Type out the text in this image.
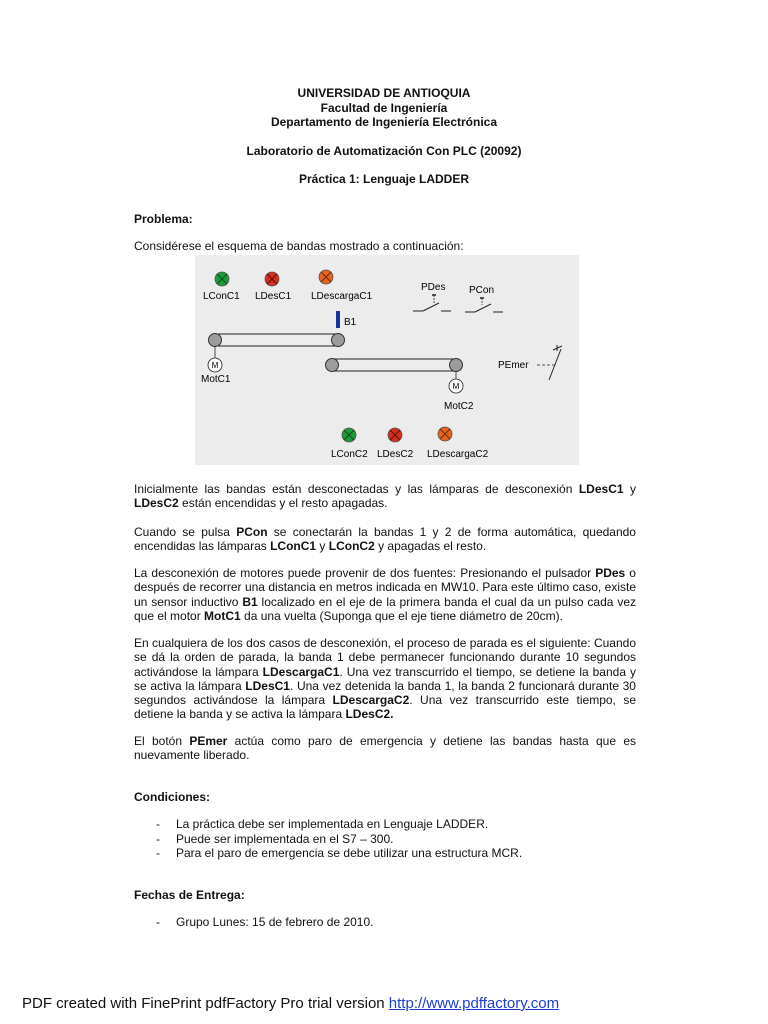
UNIVERSIDAD DE ANTIOQUIA
Facultad de Ingeniería
Departamento de Ingeniería Electrónica
Laboratorio de Automatización Con PLC (20092)
Práctica 1: Lenguaje LADDER
Problema:
Considérese el esquema de bandas mostrado a continuación:
LConC1 LDesC1 LDescargaC1
PDes PCon
B1
M
MotC1
M
MotC2
PEmer
LConC2 LDesC2 LDescargaC2

Inicialmente las bandas están desconectadas y las lámparas de desconexión LDesC1 y LDesC2 están encendidas y el resto apagadas.

Cuando se pulsa PCon se conectarán la bandas 1 y 2 de forma automática, quedando encendidas las lámparas LConC1 y LConC2 y apagadas el resto.

La desconexión de motores puede provenir de dos fuentes: Presionando el pulsador PDes o después de recorrer una distancia en metros indicada en MW10. Para este último caso, existe un sensor inductivo B1 localizado en el eje de la primera banda el cual da un pulso cada vez que el motor MotC1 da una vuelta (Suponga que el eje tiene diámetro de 20cm).

En cualquiera de los dos casos de desconexión, el proceso de parada es el siguiente: Cuando se dá la orden de parada, la banda 1 debe permanecer funcionando durante 10 segundos activándose la lámpara LDescargaC1. Una vez transcurrido el tiempo, se detiene la banda y se activa la lámpara LDesC1. Una vez detenida la banda 1, la banda 2 funcionará durante 30 segundos activándose la lámpara LDescargaC2. Una vez transcurrido este tiempo, se detiene la banda y se activa la lámpara LDesC2.

El botón PEmer actúa como paro de emergencia y detiene las bandas hasta que es nuevamente liberado.

Condiciones:
- La práctica debe ser implementada en Lenguaje LADDER.
- Puede ser implementada en el S7 – 300.
- Para el paro de emergencia se debe utilizar una estructura MCR.
Fechas de Entrega:
- Grupo Lunes: 15 de febrero de 2010.
PDF created with FinePrint pdfFactory Pro trial version http://www.pdffactory.com
